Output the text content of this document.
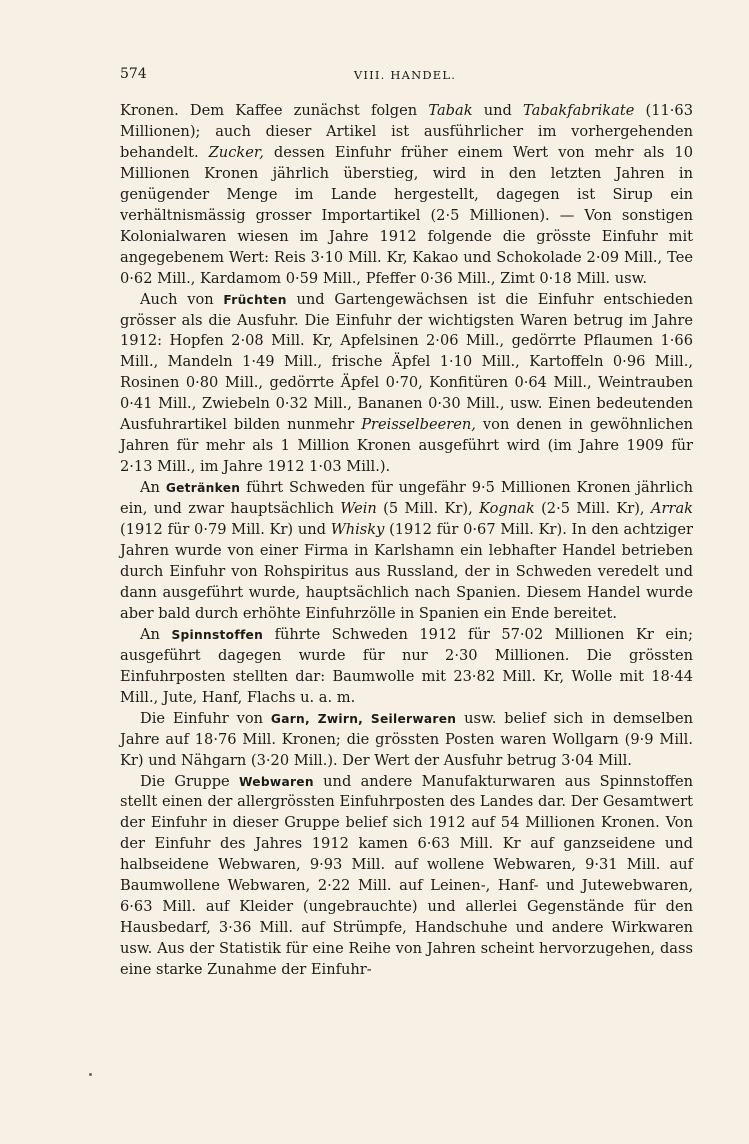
574	VIII. HANDEL.

Kronen. Dem Kaffee zunächst folgen Tabak und Tabakfabrikate (11·63 Millionen); auch dieser Artikel ist ausführlicher im vorhergehenden behandelt. Zucker, dessen Einfuhr früher einem Wert von mehr als 10 Millionen Kronen jährlich überstieg, wird in den letzten Jahren in genügender Menge im Lande hergestellt, dagegen ist Sirup ein verhältnismässig grosser Importartikel (2·5 Millionen). — Von sonstigen Kolonialwaren wiesen im Jahre 1912 folgende die grösste Einfuhr mit angegebenem Wert: Reis 3·10 Mill. Kr, Kakao und Schokolade 2·09 Mill., Tee 0·62 Mill., Kardamom 0·59 Mill., Pfeffer 0·36 Mill., Zimt 0·18 Mill. usw.

Auch von Früchten und Gartengewächsen ist die Einfuhr entschieden grösser als die Ausfuhr. Die Einfuhr der wichtigsten Waren betrug im Jahre 1912: Hopfen 2·08 Mill. Kr, Apfelsinen 2·06 Mill., gedörrte Pflaumen 1·66 Mill., Mandeln 1·49 Mill., frische Äpfel 1·10 Mill., Kartoffeln 0·96 Mill., Rosinen 0·80 Mill., gedörrte Äpfel 0·70, Konfitüren 0·64 Mill., Weintrauben 0·41 Mill., Zwiebeln 0·32 Mill., Bananen 0·30 Mill., usw. Einen bedeutenden Ausfuhrartikel bilden nunmehr Preisselbeeren, von denen in gewöhnlichen Jahren für mehr als 1 Million Kronen ausgeführt wird (im Jahre 1909 für 2·13 Mill., im Jahre 1912 1·03 Mill.).

An Getränken führt Schweden für ungefähr 9·5 Millionen Kronen jährlich ein, und zwar hauptsächlich Wein (5 Mill. Kr), Kognak (2·5 Mill. Kr), Arrak (1912 für 0·79 Mill. Kr) und Whisky (1912 für 0·67 Mill. Kr). In den achtziger Jahren wurde von einer Firma in Karlshamn ein lebhafter Handel betrieben durch Einfuhr von Rohspiritus aus Russland, der in Schweden veredelt und dann ausgeführt wurde, hauptsächlich nach Spanien. Diesem Handel wurde aber bald durch erhöhte Einfuhrzölle in Spanien ein Ende bereitet.

An Spinnstoffen führte Schweden 1912 für 57·02 Millionen Kr ein; ausgeführt dagegen wurde für nur 2·30 Millionen. Die grössten Einfuhrposten stellten dar: Baumwolle mit 23·82 Mill. Kr, Wolle mit 18·44 Mill., Jute, Hanf, Flachs u. a. m.

Die Einfuhr von Garn, Zwirn, Seilerwaren usw. belief sich in demselben Jahre auf 18·76 Mill. Kronen; die grössten Posten waren Wollgarn (9·9 Mill. Kr) und Nähgarn (3·20 Mill.). Der Wert der Ausfuhr betrug 3·04 Mill.

Die Gruppe Webwaren und andere Manufakturwaren aus Spinnstoffen stellt einen der allergrössten Einfuhrposten des Landes dar. Der Gesamtwert der Einfuhr in dieser Gruppe belief sich 1912 auf 54 Millionen Kronen. Von der Einfuhr des Jahres 1912 kamen 6·63 Mill. Kr auf ganzseidene und halbseidene Webwaren, 9·93 Mill. auf wollene Webwaren, 9·31 Mill. auf Baumwollene Webwaren, 2·22 Mill. auf Leinen-, Hanf- und Jutewebwaren, 6·63 Mill. auf Kleider (ungebrauchte) und allerlei Gegenstände für den Hausbedarf, 3·36 Mill. auf Strümpfe, Handschuhe und andere Wirkwaren usw. Aus der Statistik für eine Reihe von Jahren scheint hervorzugehen, dass eine starke Zunahme der Einfuhr-
